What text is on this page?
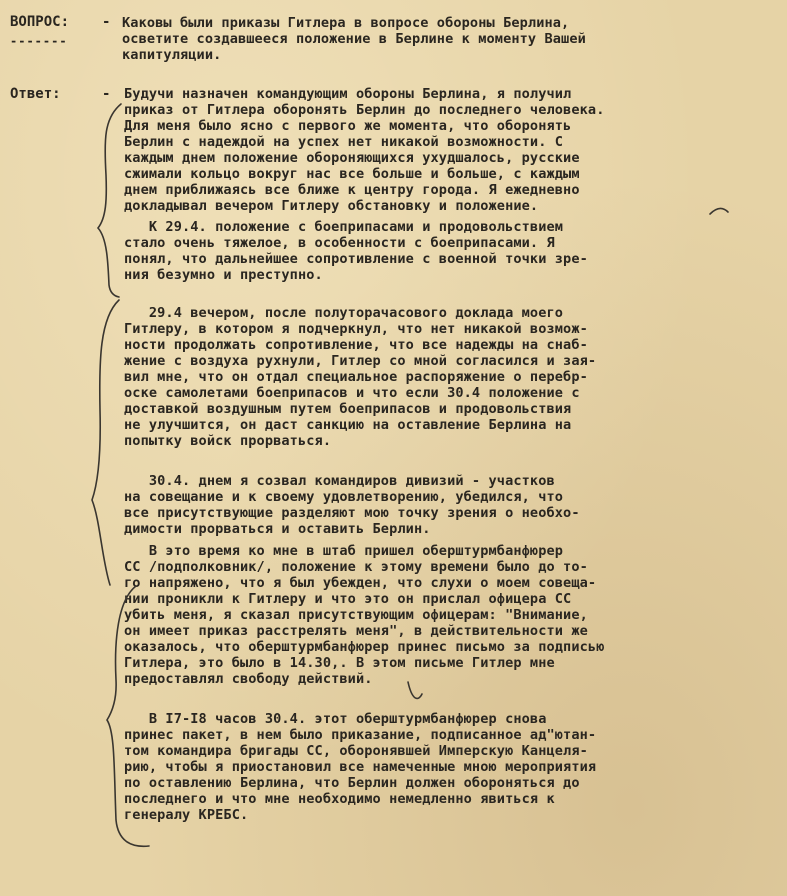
ВОПРОС:
-------
- Каковы были приказы Гитлера в вопросе обороны Берлина,
осветите создавшееся положение в Берлине к моменту Вашей
капитуляции.
Ответ:	- Будучи назначен командующим обороны Берлина, я получил
приказ от Гитлера оборонять Берлин до последнего человека.
Для меня было ясно с первого же момента, что оборонять
Берлин с надеждой на успех нет никакой возможности. С
каждым днем положение обороняющихся ухудшалось, русские
сжимали кольцо вокруг нас все больше и больше, с каждым
днем приближаясь все ближе к центру города. Я ежедневно
докладывал вечером Гитлеру обстановку и положение.
К 29.4. положение с боеприпасами и продовольствием
стало очень тяжелое, в особенности с боеприпасами. Я
понял, что дальнейшее сопротивление с военной точки зре-
ния безумно и преступно.
29.4 вечером, после полуторачасового доклада моего
Гитлеру, в котором я подчеркнул, что нет никакой возмож-
ности продолжать сопротивление, что все надежды на снаб-
жение с воздуха рухнули, Гитлер со мной согласился и зая-
вил мне, что он отдал специальное распоряжение о перебр-
оске самолетами боеприпасов и что если 30.4 положение с
доставкой воздушным путем боеприпасов и продовольствия
не улучшится, он даст санкцию на оставление Берлина на
попытку войск прорваться.
30.4. днем я созвал командиров дивизий - участков
на совещание и к своему удовлетворению, убедился, что
все присутствующие разделяют мою точку зрения о необхо-
димости прорваться и оставить Берлин.
В это время ко мне в штаб пришел оберштурмбанфюрер
СС /подполковник/, положение к этому времени было до то-
го напряжено, что я был убежден, что слухи о моем совеща-
нии проникли к Гитлеру и что это он прислал офицера СС
убить меня, я сказал присутствующим офицерам: "Внимание,
он имеет приказ расстрелять меня", в действительности же
оказалось, что оберштурмбанфюрер принес письмо за подписью
Гитлера, это было в 14.30,. В этом письме Гитлер мне
предоставлял свободу действий.
В I7-I8 часов 30.4. этот оберштурмбанфюрер снова
принес пакет, в нем было приказание, подписанное ад"ютан-
том командира бригады СС, оборонявшей Имперскую Канцеля-
рию, чтобы я приостановил все намеченные мною мероприятия
по оставлению Берлина, что Берлин должен обороняться до
последнего и что мне необходимо немедленно явиться к
генералу КРЕБС.
